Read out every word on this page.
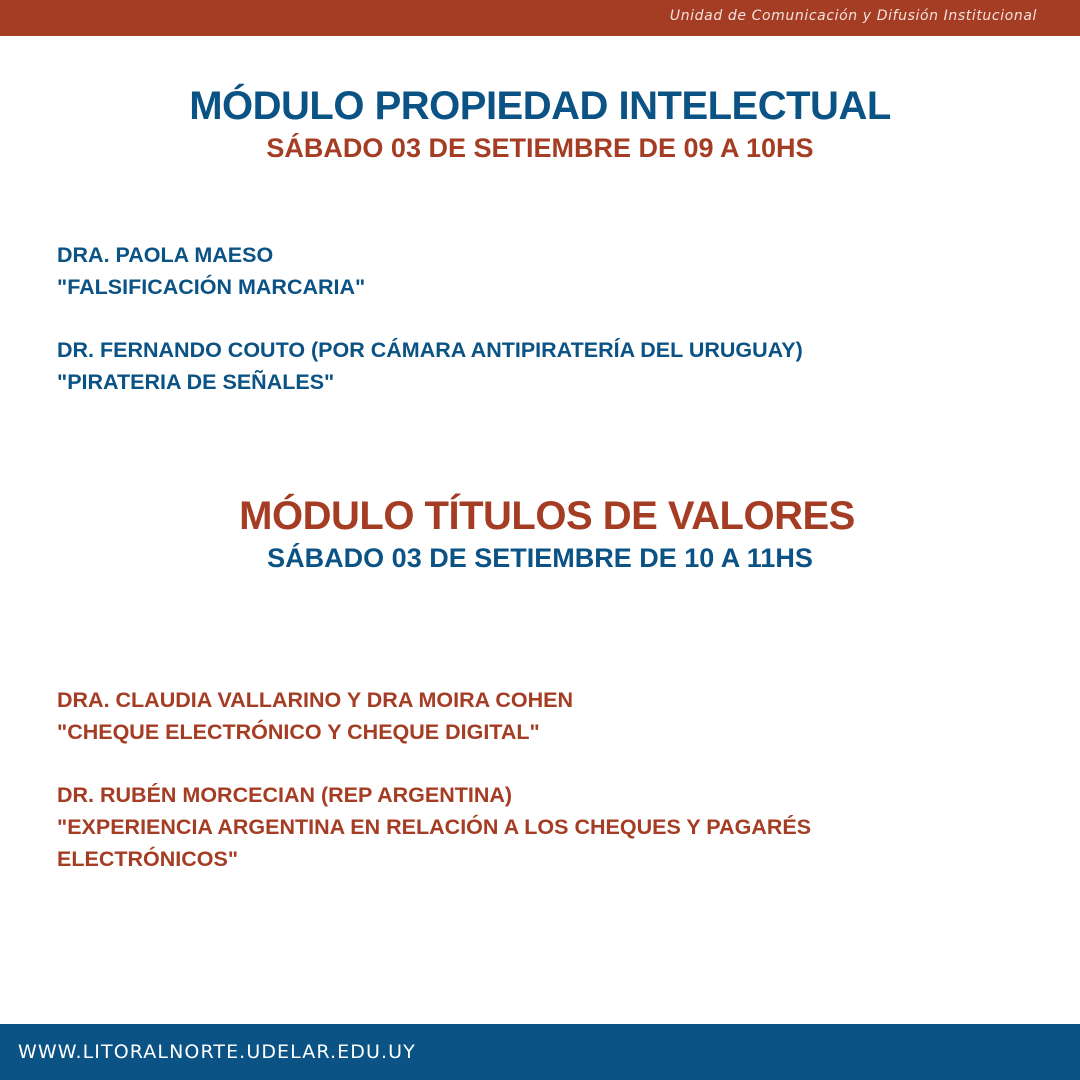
Unidad de Comunicación y Difusión Institucional
MÓDULO PROPIEDAD INTELECTUAL
SÁBADO 03 DE SETIEMBRE DE 09 A 10HS
DRA. PAOLA MAESO
"FALSIFICACIÓN MARCARIA"
DR. FERNANDO COUTO (POR CÁMARA ANTIPIRATERÍA DEL URUGUAY)
"PIRATERIA DE SEÑALES"
MÓDULO TÍTULOS DE VALORES
SÁBADO 03 DE SETIEMBRE DE 10 A 11HS
DRA. CLAUDIA VALLARINO Y DRA MOIRA COHEN
"CHEQUE ELECTRÓNICO Y CHEQUE DIGITAL"
DR. RUBÉN MORCECIAN (REP ARGENTINA)
"EXPERIENCIA ARGENTINA EN RELACIÓN A LOS CHEQUES Y PAGARÉS
ELECTRÓNICOS"
WWW.LITORALNORTE.UDELAR.EDU.UY
